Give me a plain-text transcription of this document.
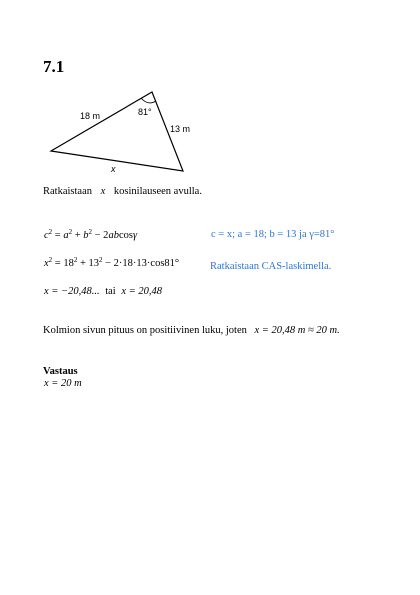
7.1
18 m
13 m
x
81°
Ratkaistaan x kosinilauseen avulla.
$c^2 = a^2 + b^2 - 2abcos\gamma$	c = x; a = 18; b = 13 ja γ=81°
$x^2 = 18^2 + 13^2 - 2\cdot 18\cdot 13\cdot\cos 81^\circ$	Ratkaistaan CAS-laskimella.
x = −20,48... tai x = 20,48
Kolmion sivun pituus on positiivinen luku, joten x = 20,48 m ≈ 20 m.
Vastaus
x = 20 m
